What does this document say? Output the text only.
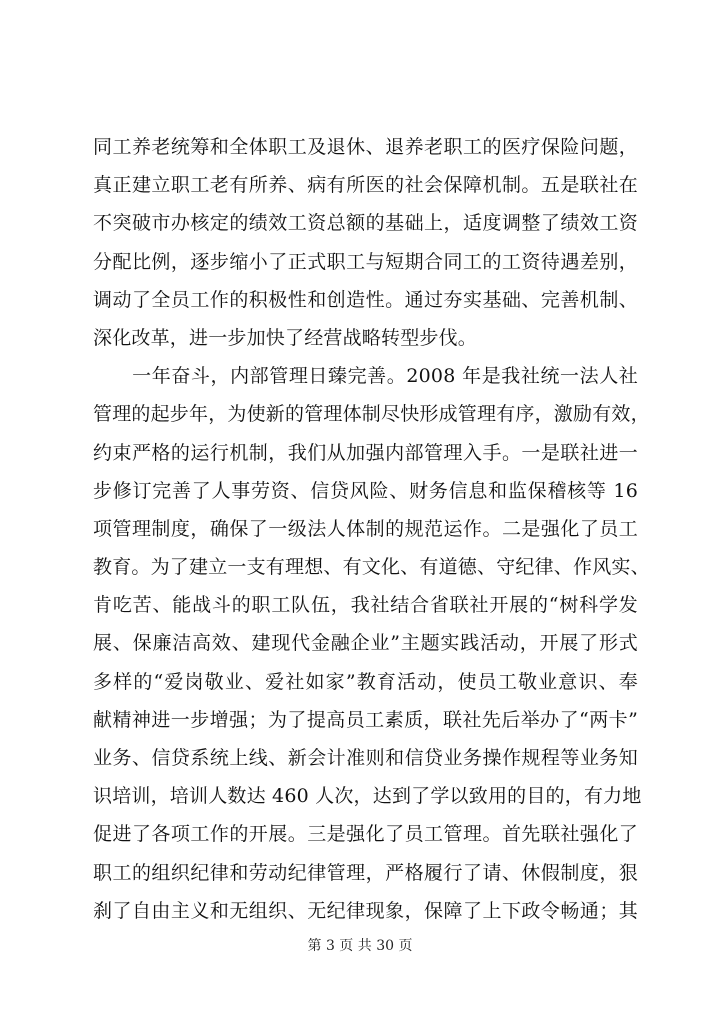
同工养老统筹和全体职工及退休、退养老职工的医疗保险问题，
真正建立职工老有所养、病有所医的社会保障机制。五是联社在
不突破市办核定的绩效工资总额的基础上，适度调整了绩效工资
分配比例，逐步缩小了正式职工与短期合同工的工资待遇差别，
调动了全员工作的积极性和创造性。通过夯实基础、完善机制、
深化改革，进一步加快了经营战略转型步伐。
　　一年奋斗，内部管理日臻完善。2008 年是我社统一法人社
管理的起步年，为使新的管理体制尽快形成管理有序，激励有效，
约束严格的运行机制，我们从加强内部管理入手。一是联社进一
步修订完善了人事劳资、信贷风险、财务信息和监保稽核等 16
项管理制度，确保了一级法人体制的规范运作。二是强化了员工
教育。为了建立一支有理想、有文化、有道德、守纪律、作风实、
肯吃苦、能战斗的职工队伍，我社结合省联社开展的“树科学发
展、保廉洁高效、建现代金融企业”主题实践活动，开展了形式
多样的“爱岗敬业、爱社如家”教育活动，使员工敬业意识、奉
献精神进一步增强；为了提高员工素质，联社先后举办了“两卡”
业务、信贷系统上线、新会计准则和信贷业务操作规程等业务知
识培训，培训人数达 460 人次，达到了学以致用的目的，有力地
促进了各项工作的开展。三是强化了员工管理。首先联社强化了
职工的组织纪律和劳动纪律管理，严格履行了请、休假制度，狠
刹了自由主义和无组织、无纪律现象，保障了上下政令畅通；其
第 3 页 共 30 页
